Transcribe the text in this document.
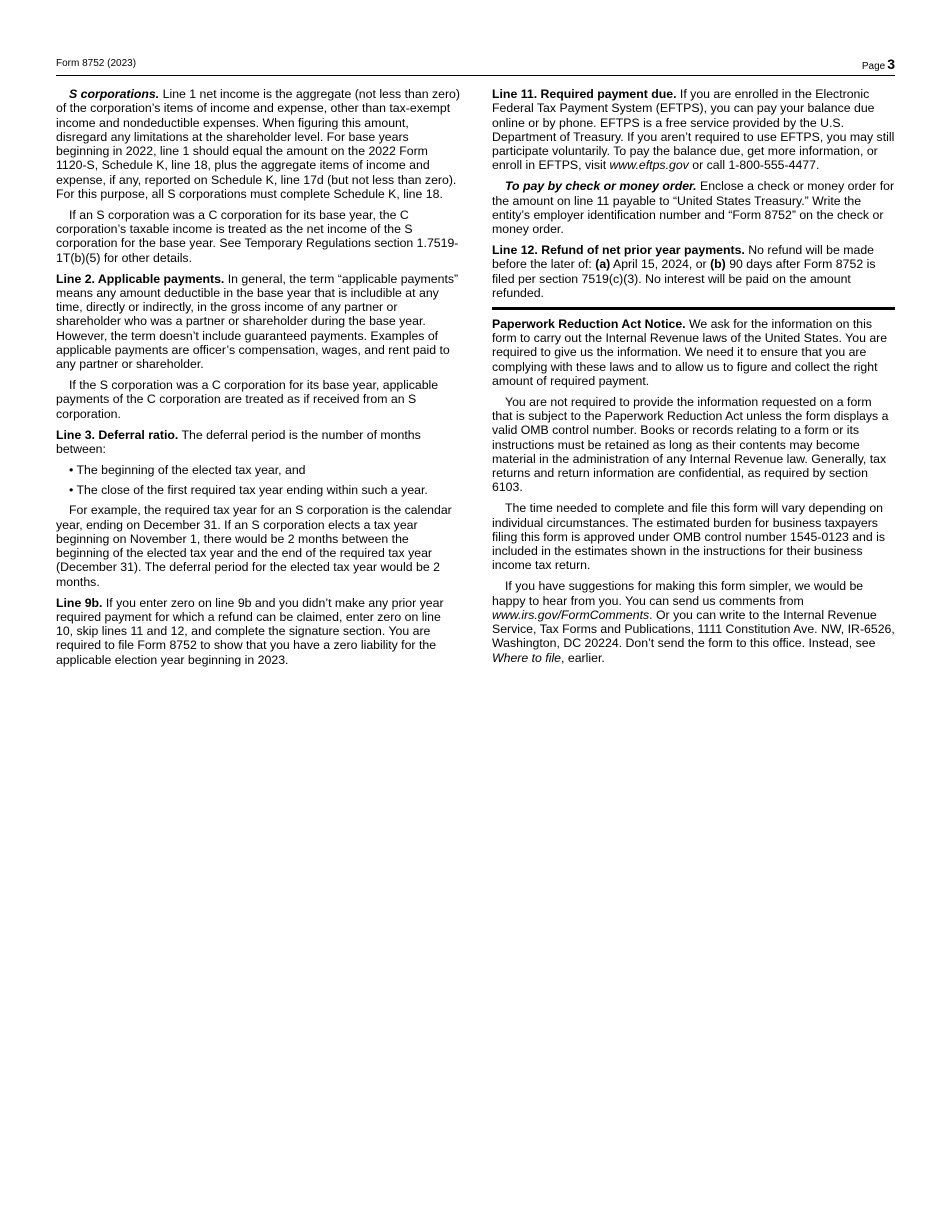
Form 8752 (2023)	Page 3

S corporations. Line 1 net income is the aggregate (not less than zero) of the corporation’s items of income and expense, other than tax-exempt income and nondeductible expenses. When figuring this amount, disregard any limitations at the shareholder level. For base years beginning in 2022, line 1 should equal the amount on the 2022 Form 1120-S, Schedule K, line 18, plus the aggregate items of income and expense, if any, reported on Schedule K, line 17d (but not less than zero). For this purpose, all S corporations must complete Schedule K, line 18.

If an S corporation was a C corporation for its base year, the C corporation’s taxable income is treated as the net income of the S corporation for the base year. See Temporary Regulations section 1.7519-1T(b)(5) for other details.

Line 2. Applicable payments. In general, the term “applicable payments” means any amount deductible in the base year that is includible at any time, directly or indirectly, in the gross income of any partner or shareholder who was a partner or shareholder during the base year. However, the term doesn’t include guaranteed payments. Examples of applicable payments are officer’s compensation, wages, and rent paid to any partner or shareholder.

If the S corporation was a C corporation for its base year, applicable payments of the C corporation are treated as if received from an S corporation.

Line 3. Deferral ratio. The deferral period is the number of months between:

• The beginning of the elected tax year, and
• The close of the first required tax year ending within such a year.

For example, the required tax year for an S corporation is the calendar year, ending on December 31. If an S corporation elects a tax year beginning on November 1, there would be 2 months between the beginning of the elected tax year and the end of the required tax year (December 31). The deferral period for the elected tax year would be 2 months.

Line 9b. If you enter zero on line 9b and you didn’t make any prior year required payment for which a refund can be claimed, enter zero on line 10, skip lines 11 and 12, and complete the signature section. You are required to file Form 8752 to show that you have a zero liability for the applicable election year beginning in 2023.

Line 11. Required payment due. If you are enrolled in the Electronic Federal Tax Payment System (EFTPS), you can pay your balance due online or by phone. EFTPS is a free service provided by the U.S. Department of Treasury. If you aren’t required to use EFTPS, you may still participate voluntarily. To pay the balance due, get more information, or enroll in EFTPS, visit www.eftps.gov or call 1-800-555-4477.

To pay by check or money order. Enclose a check or money order for the amount on line 11 payable to “United States Treasury.” Write the entity’s employer identification number and “Form 8752” on the check or money order.

Line 12. Refund of net prior year payments. No refund will be made before the later of: (a) April 15, 2024, or (b) 90 days after Form 8752 is filed per section 7519(c)(3). No interest will be paid on the amount refunded.

Paperwork Reduction Act Notice. We ask for the information on this form to carry out the Internal Revenue laws of the United States. You are required to give us the information. We need it to ensure that you are complying with these laws and to allow us to figure and collect the right amount of required payment.

You are not required to provide the information requested on a form that is subject to the Paperwork Reduction Act unless the form displays a valid OMB control number. Books or records relating to a form or its instructions must be retained as long as their contents may become material in the administration of any Internal Revenue law. Generally, tax returns and return information are confidential, as required by section 6103.

The time needed to complete and file this form will vary depending on individual circumstances. The estimated burden for business taxpayers filing this form is approved under OMB control number 1545-0123 and is included in the estimates shown in the instructions for their business income tax return.

If you have suggestions for making this form simpler, we would be happy to hear from you. You can send us comments from www.irs.gov/FormComments. Or you can write to the Internal Revenue Service, Tax Forms and Publications, 1111 Constitution Ave. NW, IR-6526, Washington, DC 20224. Don’t send the form to this office. Instead, see Where to file, earlier.
